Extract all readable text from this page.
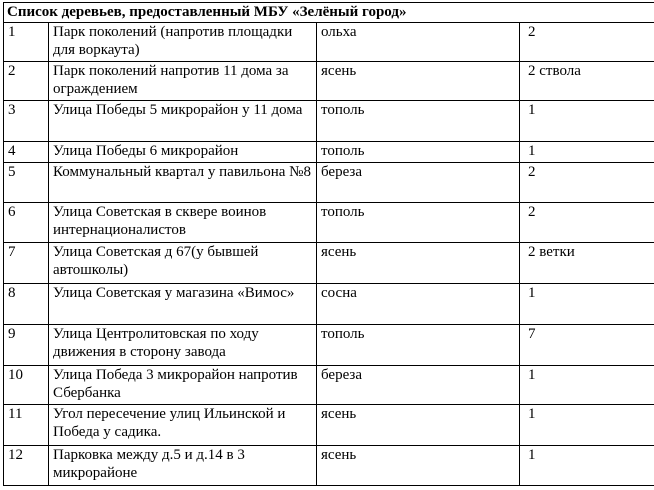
Список деревьев, предоставленный МБУ «Зелёный город»			
1	Парк поколений (напротив площадки для воркаута)	ольха	2
2	Парк поколений напротив 11 дома за ограждением	ясень	2 ствола
3	Улица Победы 5 микрорайон у 11 дома	тополь	1
4	Улица Победы 6 микрорайон	тополь	1
5	Коммунальный квартал у павильона №8	береза	2
6	Улица Советская в сквере воинов интернационалистов	тополь	2
7	Улица Советская д 67(у бывшей автошколы)	ясень	2 ветки
8	Улица Советская у магазина «Вимос»	сосна	1
9	Улица Центролитовская по ходу движения в сторону завода	тополь	7
10	Улица Победа 3 микрорайон напротив Сбербанка	береза	1
11	Угол пересечение улиц Ильинской и Победа у садика.	ясень	1
12	Парковка между д.5 и д.14 в 3 микрорайоне	ясень	1
